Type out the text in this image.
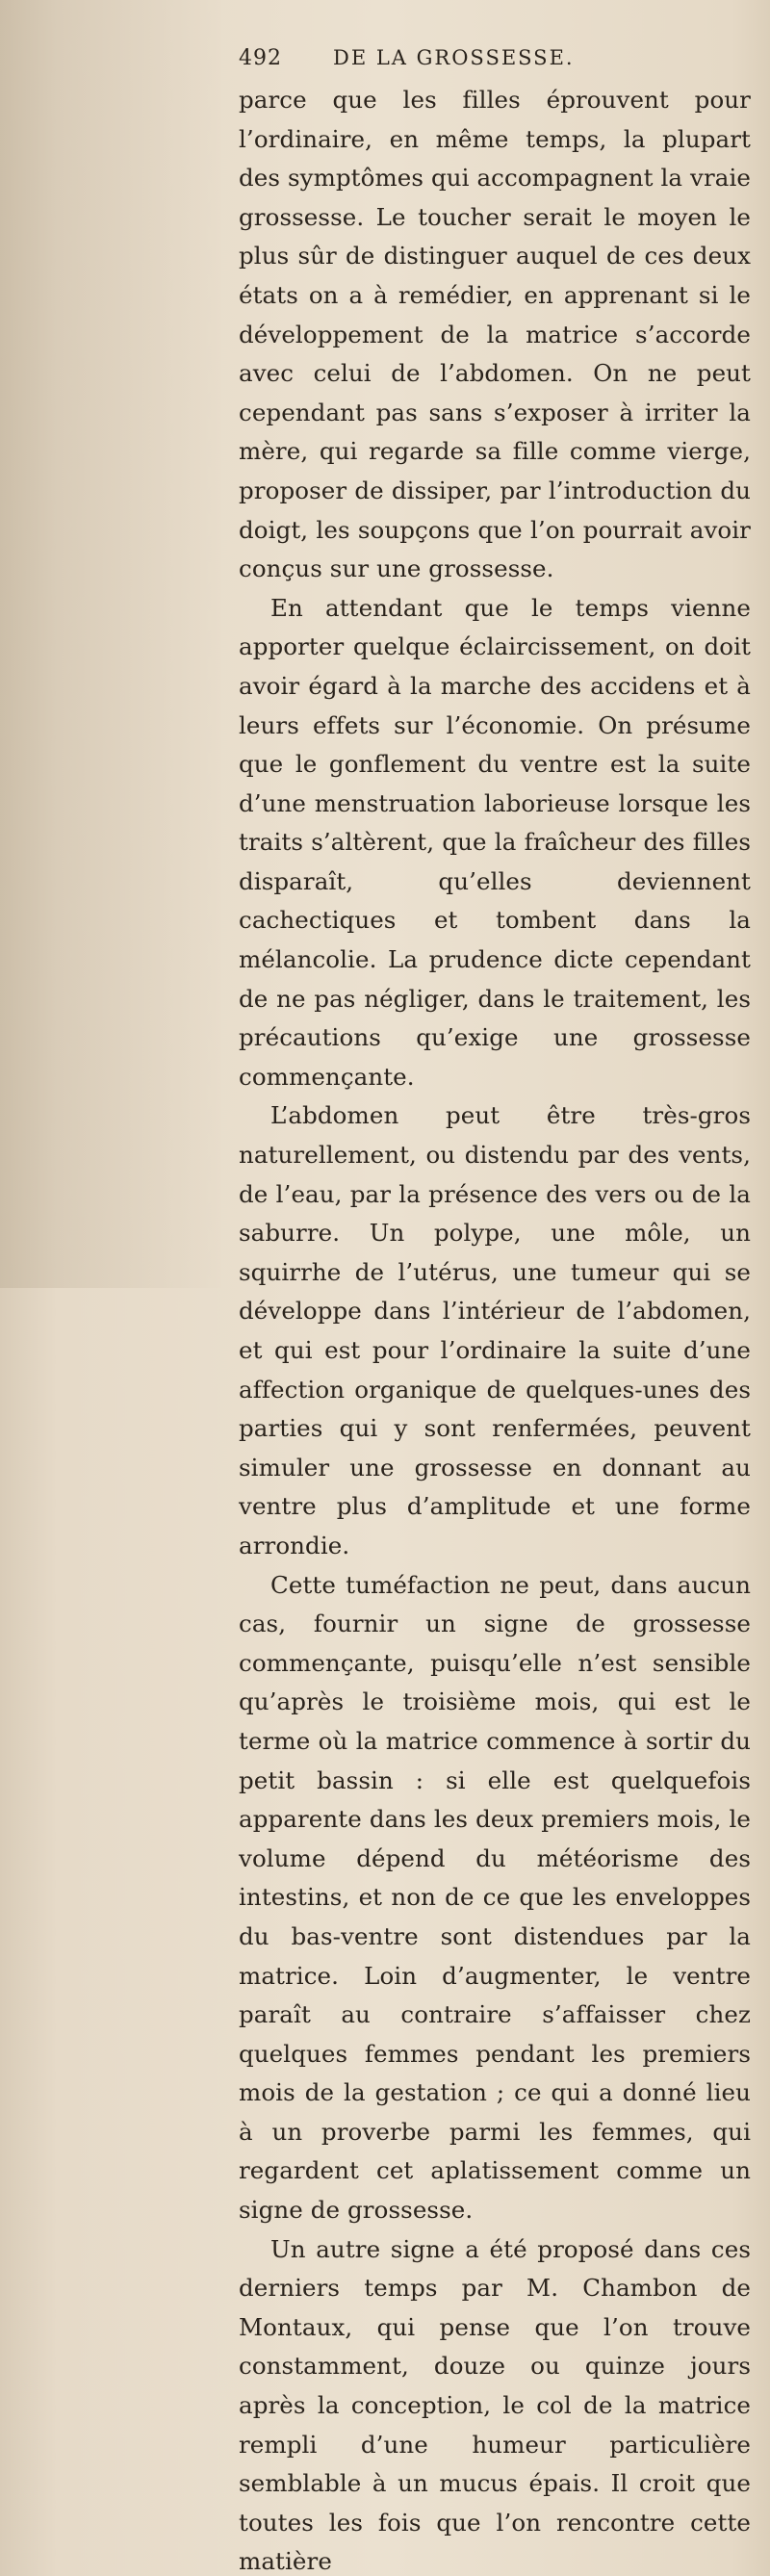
492	DE LA GROSSESSE.

parce que les filles éprouvent pour l’ordinaire, en même temps, la plupart des symptômes qui accompagnent la vraie grossesse. Le toucher serait le moyen le plus sûr de distinguer auquel de ces deux états on a à remédier, en apprenant si le développement de la matrice s’accorde avec celui de l’abdomen. On ne peut cependant pas sans s’exposer à irriter la mère, qui regarde sa fille comme vierge, proposer de dissiper, par l’introduction du doigt, les soupçons que l’on pourrait avoir conçus sur une grossesse.

En attendant que le temps vienne apporter quelque éclaircissement, on doit avoir égard à la marche des accidens et à leurs effets sur l’économie. On présume que le gonflement du ventre est la suite d’une menstruation laborieuse lorsque les traits s’altèrent, que la fraîcheur des filles disparaît, qu’elles deviennent cachectiques et tombent dans la mélancolie. La prudence dicte cependant de ne pas négliger, dans le traitement, les précautions qu’exige une grossesse commençante.

L’abdomen peut être très-gros naturellement, ou distendu par des vents, de l’eau, par la présence des vers ou de la saburre. Un polype, une môle, un squirrhe de l’utérus, une tumeur qui se développe dans l’intérieur de l’abdomen, et qui est pour l’ordinaire la suite d’une affection organique de quelques-unes des parties qui y sont renfermées, peuvent simuler une grossesse en donnant au ventre plus d’amplitude et une forme arrondie.

Cette tuméfaction ne peut, dans aucun cas, fournir un signe de grossesse commençante, puisqu’elle n’est sensible qu’après le troisième mois, qui est le terme où la matrice commence à sortir du petit bassin : si elle est quelquefois apparente dans les deux premiers mois, le volume dépend du météorisme des intestins, et non de ce que les enveloppes du bas-ventre sont distendues par la matrice. Loin d’augmenter, le ventre paraît au contraire s’affaisser chez quelques femmes pendant les premiers mois de la gestation ; ce qui a donné lieu à un proverbe parmi les femmes, qui regardent cet aplatissement comme un signe de grossesse.

Un autre signe a été proposé dans ces derniers temps par M. Chambon de Montaux, qui pense que l’on trouve constamment, douze ou quinze jours après la conception, le col de la matrice rempli d’une humeur particulière semblable à un mucus épais. Il croit que toutes les fois que l’on rencontre cette matière
